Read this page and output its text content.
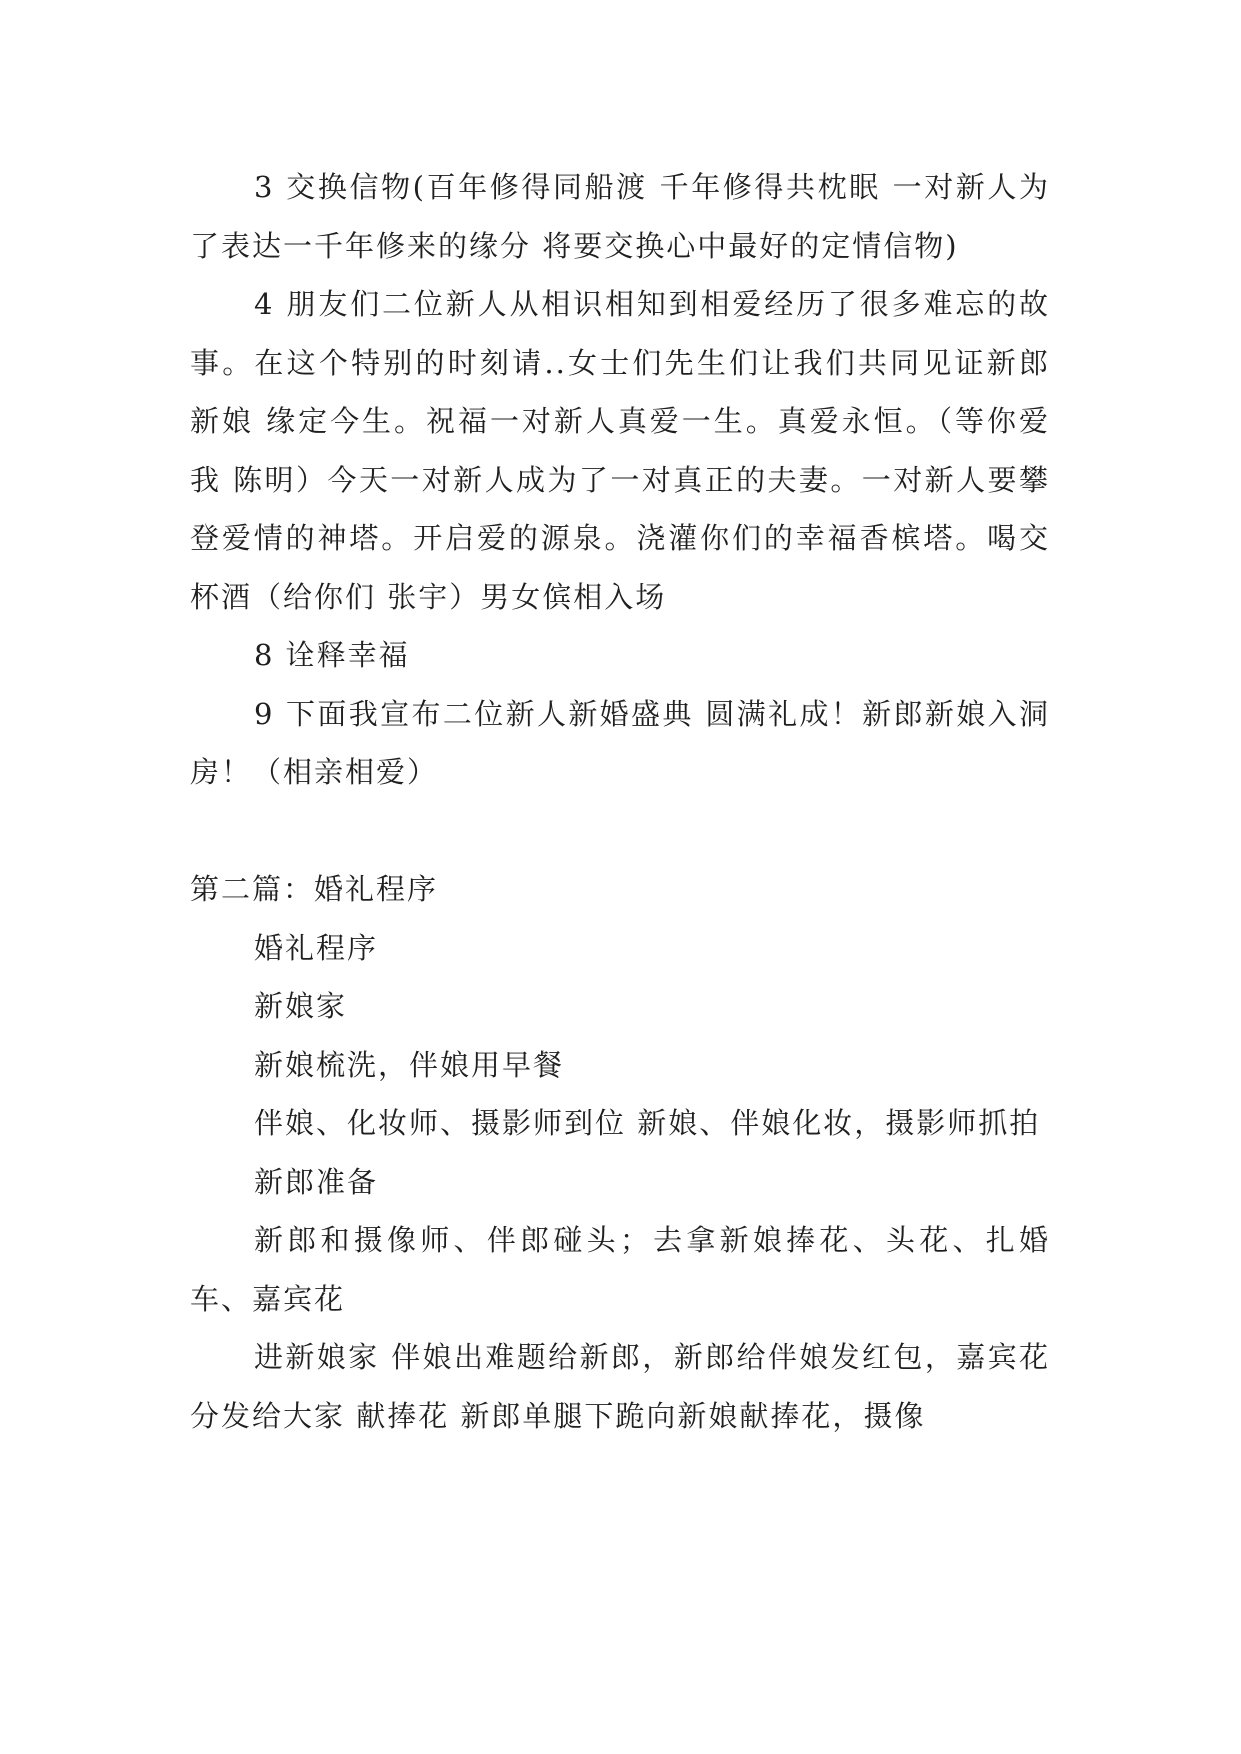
3 交换信物(百年修得同船渡 千年修得共枕眠 一对新人为了表达一千年修来的缘分 将要交换心中最好的定情信物)

4 朋友们二位新人从相识相知到相爱经历了很多难忘的故事。在这个特别的时刻请..女士们先生们让我们共同见证新郎 新娘 缘定今生。祝福一对新人真爱一生。真爱永恒。（等你爱我 陈明）今天一对新人成为了一对真正的夫妻。一对新人要攀登爱情的神塔。开启爱的源泉。浇灌你们的幸福香槟塔。喝交杯酒（给你们 张宇）男女傧相入场

8 诠释幸福

9 下面我宣布二位新人新婚盛典 圆满礼成！新郎新娘入洞房！（相亲相爱）

第二篇：婚礼程序

婚礼程序

新娘家

新娘梳洗，伴娘用早餐

伴娘、化妆师、摄影师到位 新娘、伴娘化妆，摄影师抓拍

新郎准备

新郎和摄像师、伴郎碰头；去拿新娘捧花、头花、扎婚车、嘉宾花

进新娘家 伴娘出难题给新郎，新郎给伴娘发红包，嘉宾花分发给大家 献捧花 新郎单腿下跪向新娘献捧花，摄像
